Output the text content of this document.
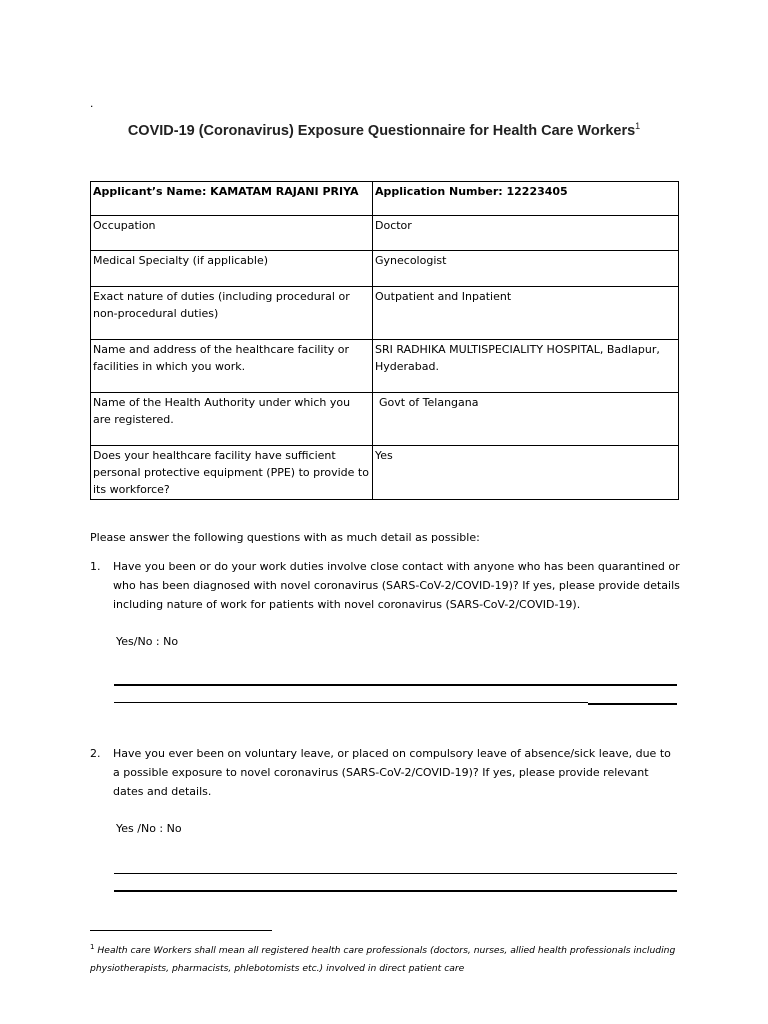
.
COVID-19 (Coronavirus) Exposure Questionnaire for Health Care Workers$^1$
Applicant’s Name: KAMATAM RAJANI PRIYA	Application Number: 12223405
Occupation	Doctor
Medical Specialty (if applicable)	Gynecologist
Exact nature of duties (including procedural or non-procedural duties)	Outpatient and Inpatient
Name and address of the healthcare facility or facilities in which you work.	SRI RADHIKA MULTISPECIALITY HOSPITAL, Badlapur, Hyderabad.
Name of the Health Authority under which you are registered.	Govt of Telangana
Does your healthcare facility have sufficient personal protective equipment (PPE) to provide to its workforce?	Yes
Please answer the following questions with as much detail as possible:
1. Have you been or do your work duties involve close contact with anyone who has been quarantined or who has been diagnosed with novel coronavirus (SARS-CoV-2/COVID-19)? If yes, please provide details including nature of work for patients with novel coronavirus (SARS-CoV-2/COVID-19).
Yes/No : No
2. Have you ever been on voluntary leave, or placed on compulsory leave of absence/sick leave, due to a possible exposure to novel coronavirus (SARS-CoV-2/COVID-19)? If yes, please provide relevant dates and details.
Yes /No : No
$^1$ Health care Workers shall mean all registered health care professionals (doctors, nurses, allied health professionals including physiotherapists, pharmacists, phlebotomists etc.) involved in direct patient care
